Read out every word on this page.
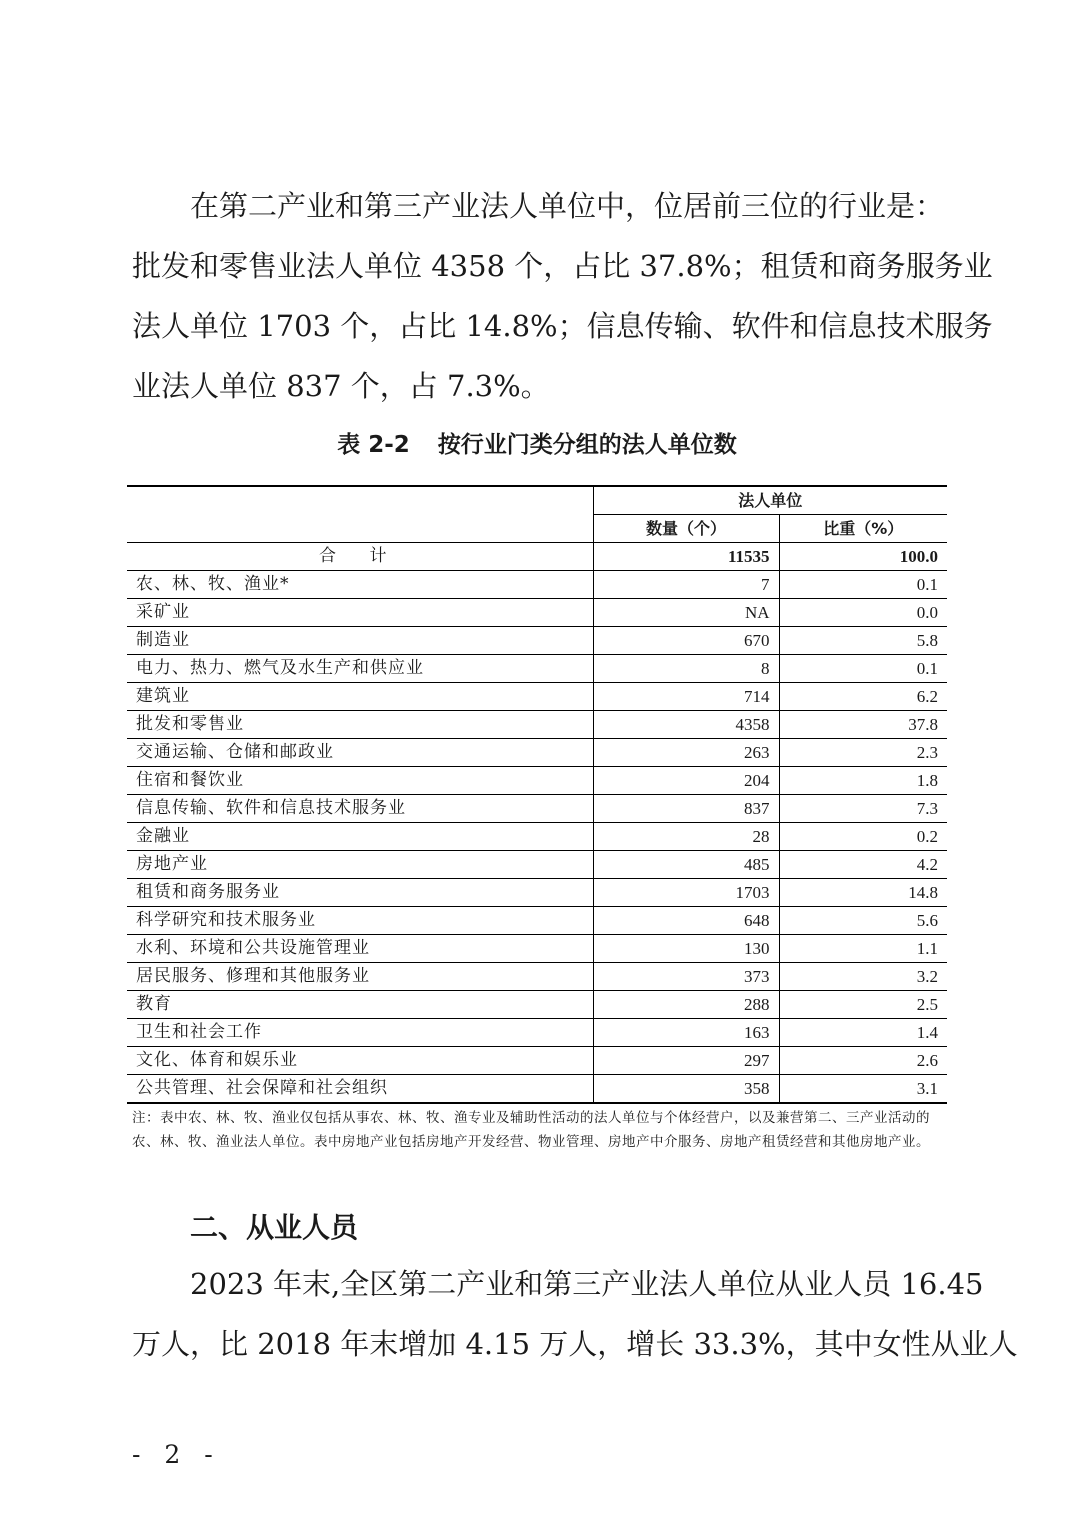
在第二产业和第三产业法人单位中，位居前三位的行业是：
批发和零售业法人单位 4358 个，占比 37.8%；租赁和商务服务业
法人单位 1703 个，占比 14.8%；信息传输、软件和信息技术服务
业法人单位 837 个，占 7.3%。
表 2-2 按行业门类分组的法人单位数
	法人单位	
	数量（个）	比重（%）
合 计	11535	100.0
农、林、牧、渔业*	7	0.1
采矿业	NA	0.0
制造业	670	5.8
电力、热力、燃气及水生产和供应业	8	0.1
建筑业	714	6.2
批发和零售业	4358	37.8
交通运输、仓储和邮政业	263	2.3
住宿和餐饮业	204	1.8
信息传输、软件和信息技术服务业	837	7.3
金融业	28	0.2
房地产业	485	4.2
租赁和商务服务业	1703	14.8
科学研究和技术服务业	648	5.6
水利、环境和公共设施管理业	130	1.1
居民服务、修理和其他服务业	373	3.2
教育	288	2.5
卫生和社会工作	163	1.4
文化、体育和娱乐业	297	2.6
公共管理、社会保障和社会组织	358	3.1
注：表中农、林、牧、渔业仅包括从事农、林、牧、渔专业及辅助性活动的法人单位与个体经营户，以及兼营第二、三产业活动的农、林、牧、渔业法人单位。表中房地产业包括房地产开发经营、物业管理、房地产中介服务、房地产租赁经营和其他房地产业。
二、从业人员
2023 年末,全区第二产业和第三产业法人单位从业人员 16.45
万人，比 2018 年末增加 4.15 万人，增长 33.3%，其中女性从业人
- 2 -
